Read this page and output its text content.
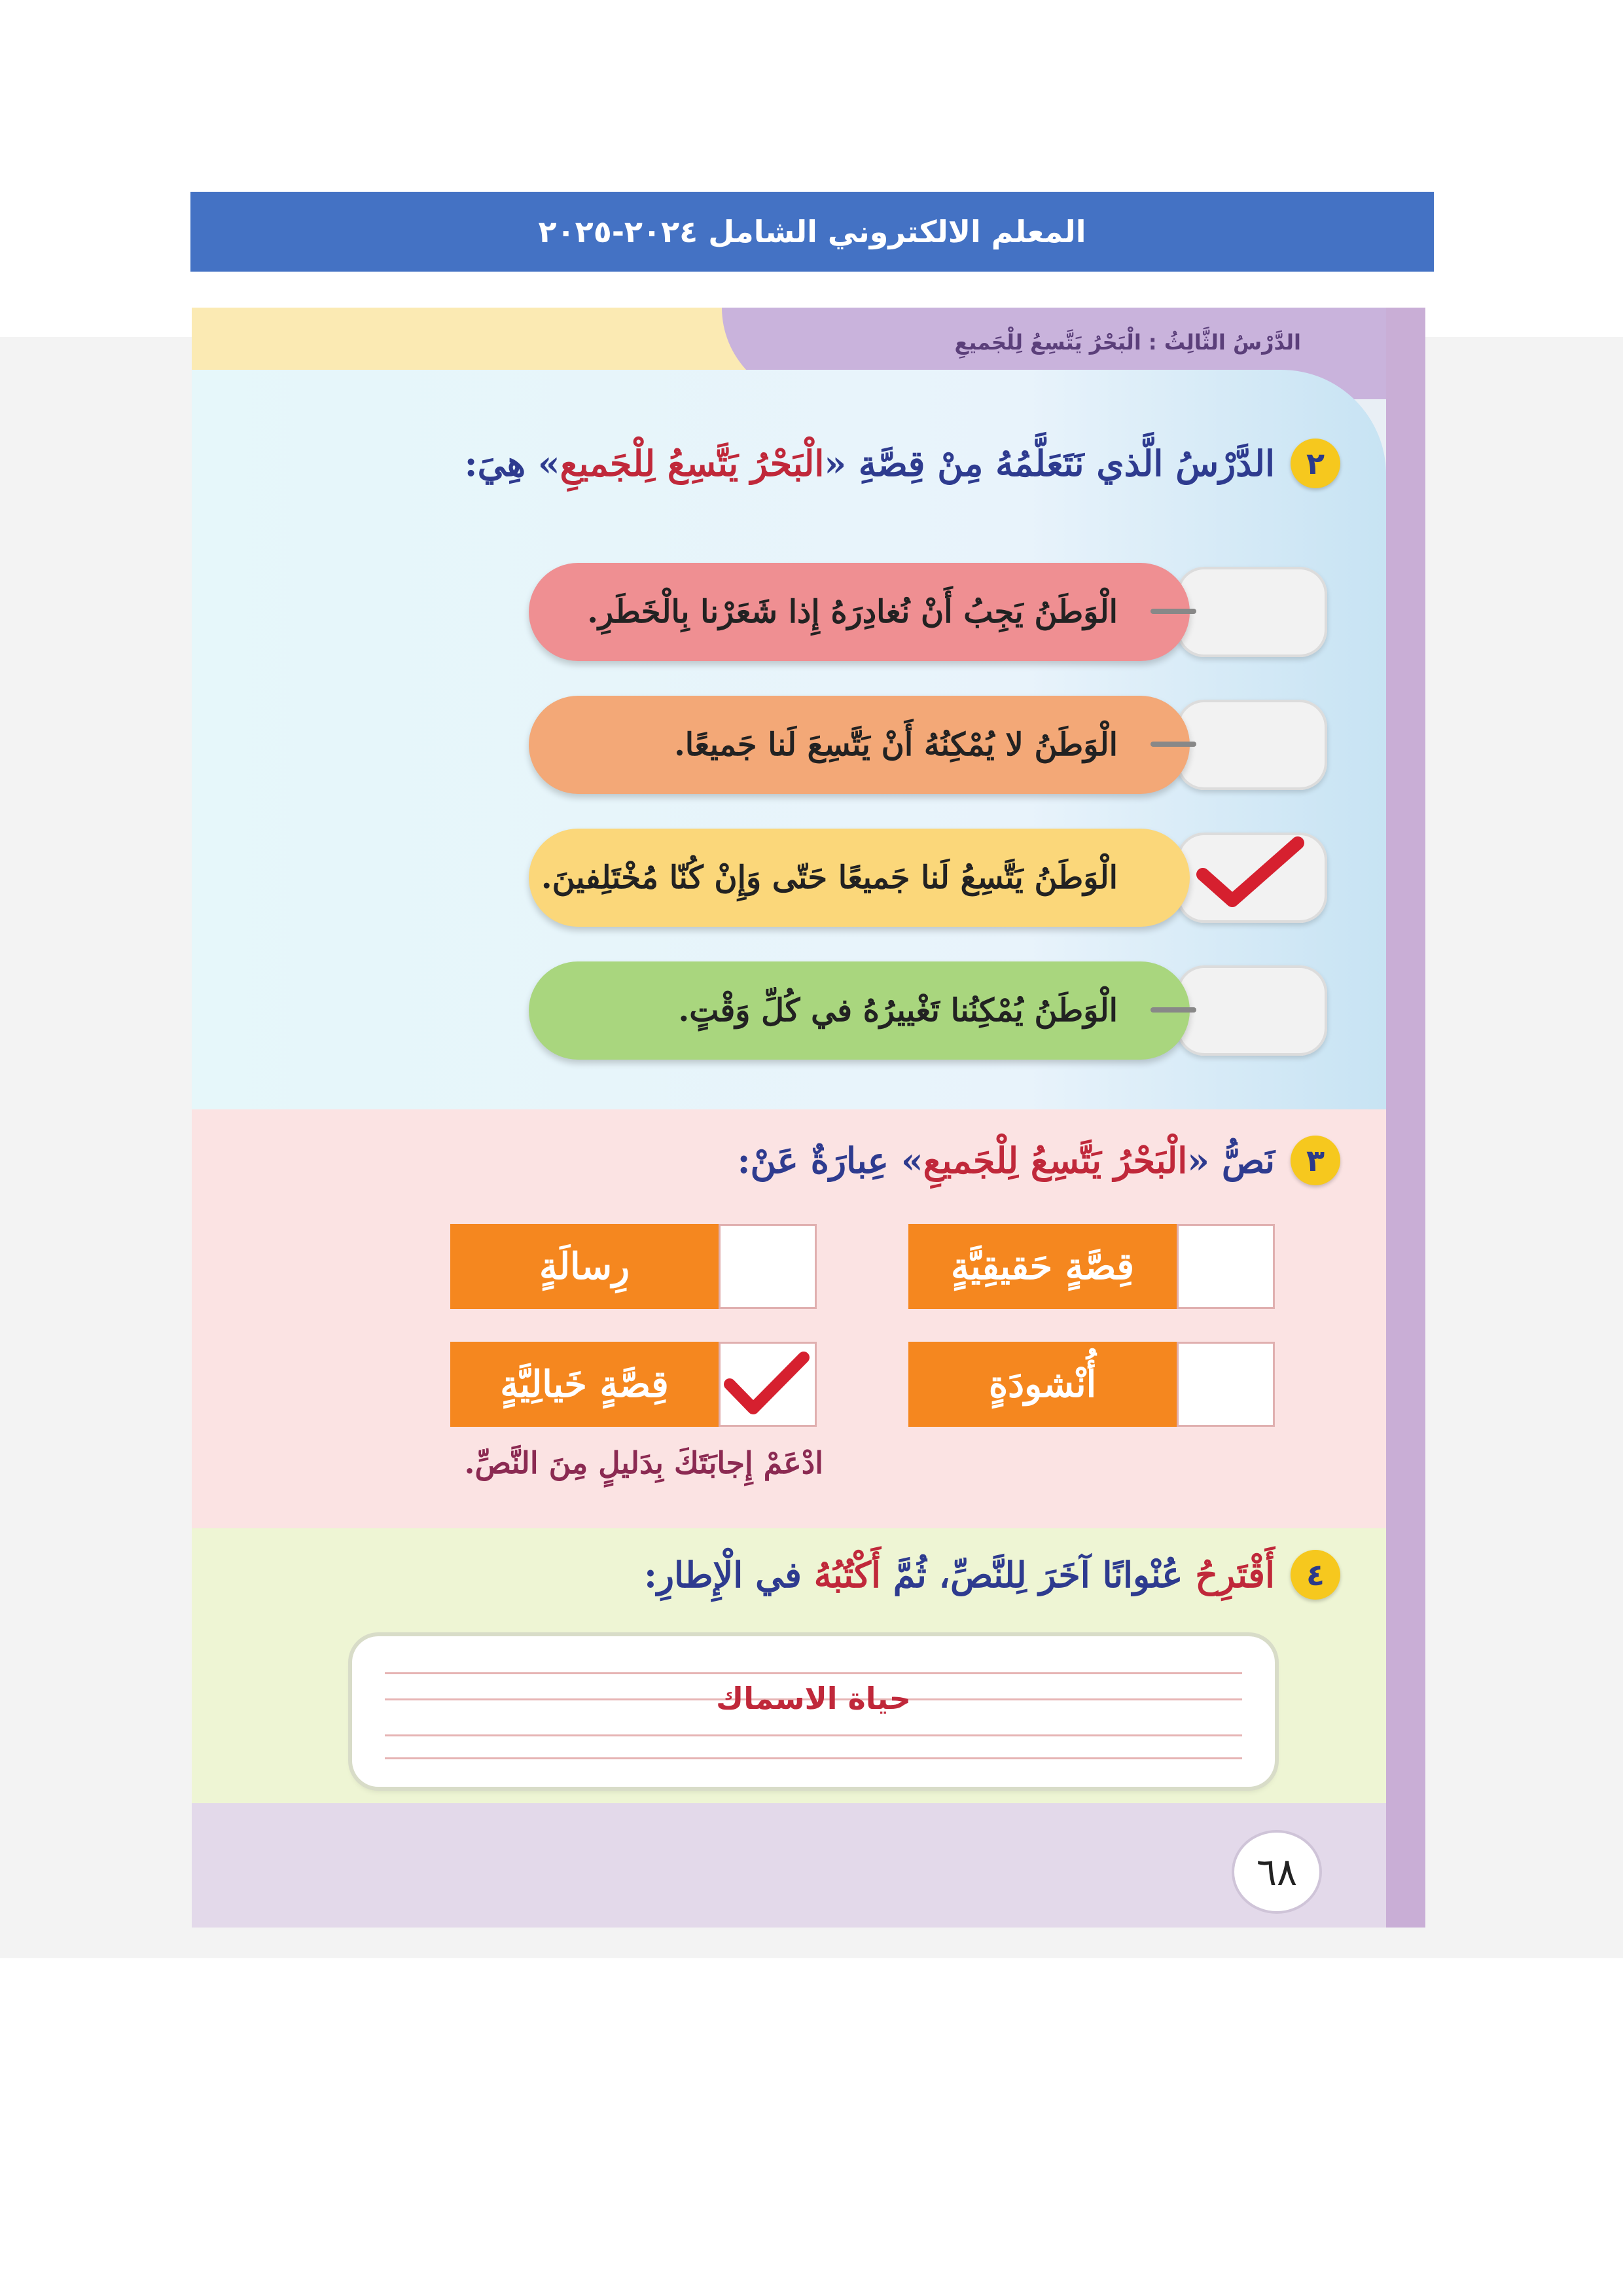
المعلم الالكتروني الشامل ٢٠٢٤-٢٠٢٥
الدَّرْسُ الثَّالِثُ : الْبَحْرُ يَتَّسِعُ لِلْجَميعِ
٢
الدَّرْسُ الَّذي نَتَعَلَّمُهُ مِنْ قِصَّةِ «الْبَحْرُ يَتَّسِعُ لِلْجَميعِ» هِيَ:
الْوَطَنُ يَجِبُ أَنْ نُغادِرَهُ إِذا شَعَرْنا بِالْخَطَرِ.
الْوَطَنُ لا يُمْكِنُهُ أَنْ يَتَّسِعَ لَنا جَميعًا.
الْوَطَنُ يَتَّسِعُ لَنا جَميعًا حَتّى وَإِنْ كُنّا مُخْتَلِفينَ.
الْوَطَنُ يُمْكِنُنا تَغْييرُهُ في كُلِّ وَقْتٍ.
٣
نَصُّ «الْبَحْرُ يَتَّسِعُ لِلْجَميعِ» عِبارَةٌ عَنْ:
قِصَّةٍ حَقيقِيَّةٍ
رِسالَةٍ
أُنْشودَةٍ
قِصَّةٍ خَيالِيَّةٍ
ادْعَمْ إِجابَتَكَ بِدَليلٍ مِنَ النَّصِّ.
٤
أَقْتَرِحُ عُنْوانًا آخَرَ لِلنَّصِّ، ثُمَّ أَكْتُبُهُ في الْإِطارِ:
حياة الاسماك
٦٨
